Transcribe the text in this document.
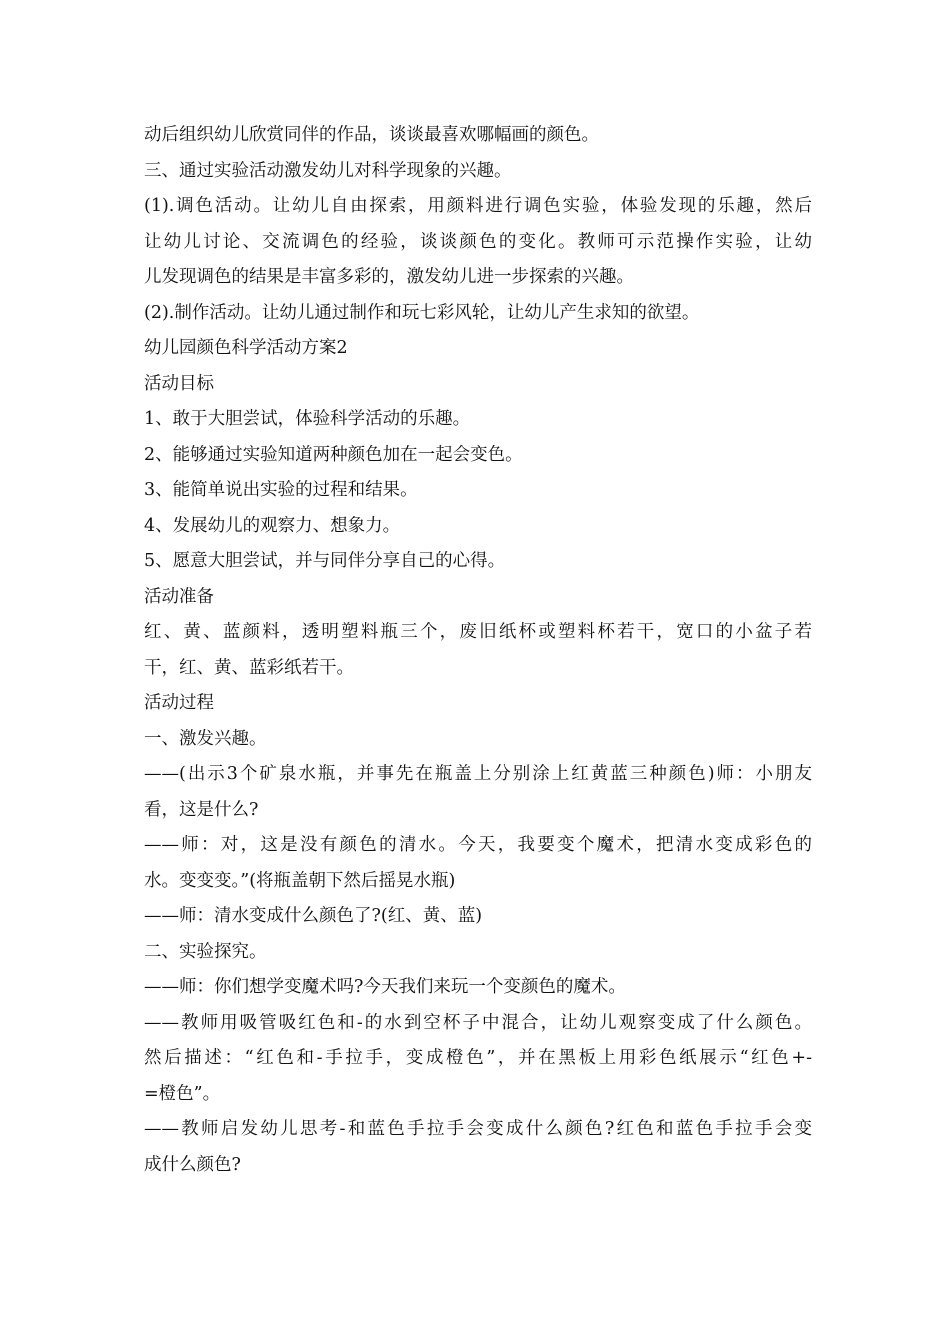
动后组织幼儿欣赏同伴的作品，谈谈最喜欢哪幅画的颜色。
三、通过实验活动激发幼儿对科学现象的兴趣。
(1).调色活动。让幼儿自由探索，用颜料进行调色实验，体验发现的乐趣，然后
让幼儿讨论、交流调色的经验，谈谈颜色的变化。教师可示范操作实验，让幼
儿发现调色的结果是丰富多彩的，激发幼儿进一步探索的兴趣。
(2).制作活动。让幼儿通过制作和玩七彩风轮，让幼儿产生求知的欲望。
幼儿园颜色科学活动方案2
活动目标
1、敢于大胆尝试，体验科学活动的乐趣。
2、能够通过实验知道两种颜色加在一起会变色。
3、能简单说出实验的过程和结果。
4、发展幼儿的观察力、想象力。
5、愿意大胆尝试，并与同伴分享自己的心得。
活动准备
红、黄、蓝颜料，透明塑料瓶三个，废旧纸杯或塑料杯若干，宽口的小盆子若
干，红、黄、蓝彩纸若干。
活动过程
一、激发兴趣。
——(出示3个矿泉水瓶，并事先在瓶盖上分别涂上红黄蓝三种颜色)师：小朋友
看，这是什么?
——师：对，这是没有颜色的清水。今天，我要变个魔术，把清水变成彩色的
水。变变变。”(将瓶盖朝下然后摇晃水瓶)
——师：清水变成什么颜色了?(红、黄、蓝)
二、实验探究。
——师：你们想学变魔术吗?今天我们来玩一个变颜色的魔术。
——教师用吸管吸红色和-的水到空杯子中混合，让幼儿观察变成了什么颜色。
然后描述：“红色和-手拉手，变成橙色”，并在黑板上用彩色纸展示“红色+-
=橙色”。
——教师启发幼儿思考-和蓝色手拉手会变成什么颜色?红色和蓝色手拉手会变
成什么颜色?
